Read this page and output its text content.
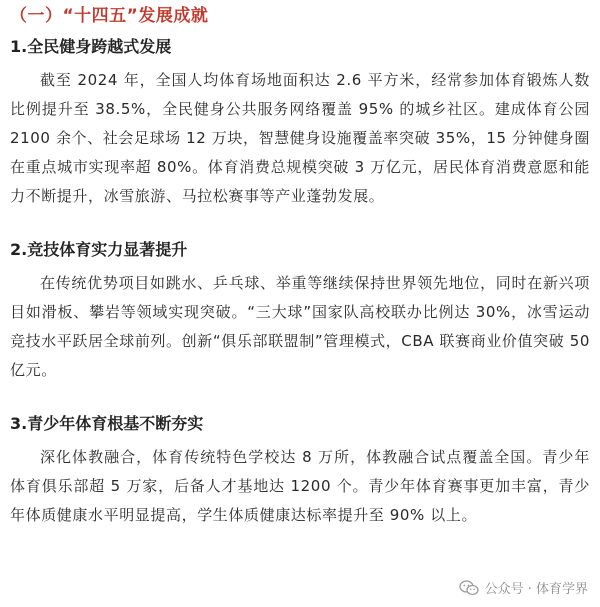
（一）“十四五”发展成就
1.全民健身跨越式发展

截至 2024 年，全国人均体育场地面积达 2.6 平方米，经常参加体育锻炼人数比例提升至 38.5%，全民健身公共服务网络覆盖 95% 的城乡社区。建成体育公园 2100 余个、社会足球场 12 万块，智慧健身设施覆盖率突破 35%，15 分钟健身圈在重点城市实现率超 80%。体育消费总规模突破 3 万亿元，居民体育消费意愿和能力不断提升，冰雪旅游、马拉松赛事等产业蓬勃发展。

2.竞技体育实力显著提升

在传统优势项目如跳水、乒乓球、举重等继续保持世界领先地位，同时在新兴项目如滑板、攀岩等领域实现突破。“三大球”国家队高校联办比例达 30%，冰雪运动竞技水平跃居全球前列。创新“俱乐部联盟制”管理模式，CBA 联赛商业价值突破 50 亿元。

3.青少年体育根基不断夯实

深化体教融合，体育传统特色学校达 8 万所，体教融合试点覆盖全国。青少年体育俱乐部超 5 万家，后备人才基地达 1200 个。青少年体育赛事更加丰富，青少年体质健康水平明显提高，学生体质健康达标率提升至 90% 以上。

公众号 · 体育学界
